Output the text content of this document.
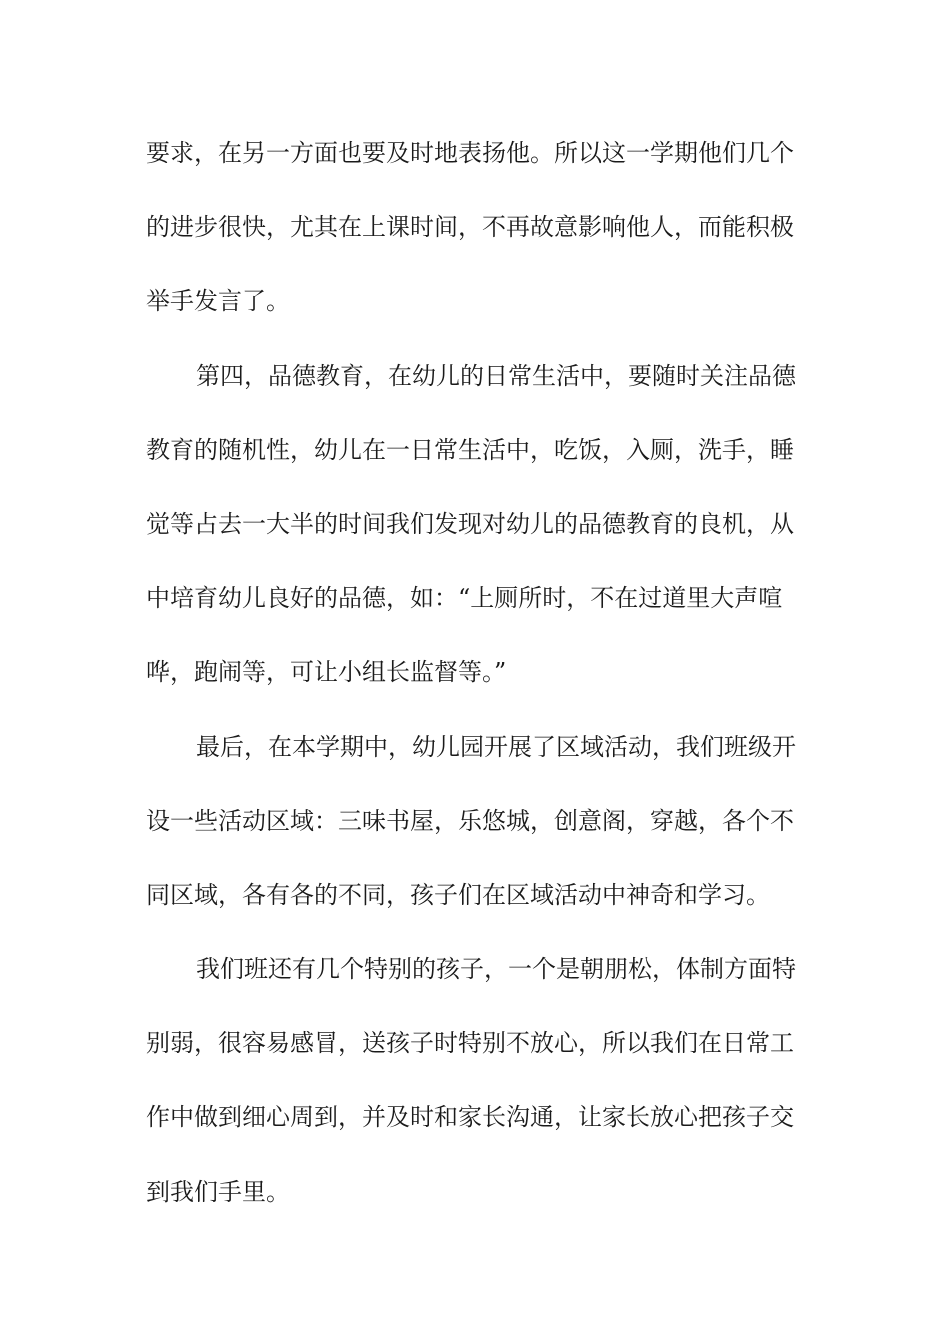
要求，在另一方面也要及时地表扬他。所以这一学期他们几个
的进步很快，尤其在上课时间，不再故意影响他人，而能积极
举手发言了。
第四，品德教育，在幼儿的日常生活中，要随时关注品德
教育的随机性，幼儿在一日常生活中，吃饭，入厕，洗手，睡
觉等占去一大半的时间我们发现对幼儿的品德教育的良机，从
中培育幼儿良好的品德，如：“上厕所时，不在过道里大声喧
哗，跑闹等，可让小组长监督等。”
最后，在本学期中，幼儿园开展了区域活动，我们班级开
设一些活动区域：三味书屋，乐悠城，创意阁，穿越，各个不
同区域，各有各的不同，孩子们在区域活动中神奇和学习。
我们班还有几个特别的孩子，一个是朝朋松，体制方面特
别弱，很容易感冒，送孩子时特别不放心，所以我们在日常工
作中做到细心周到，并及时和家长沟通，让家长放心把孩子交
到我们手里。
